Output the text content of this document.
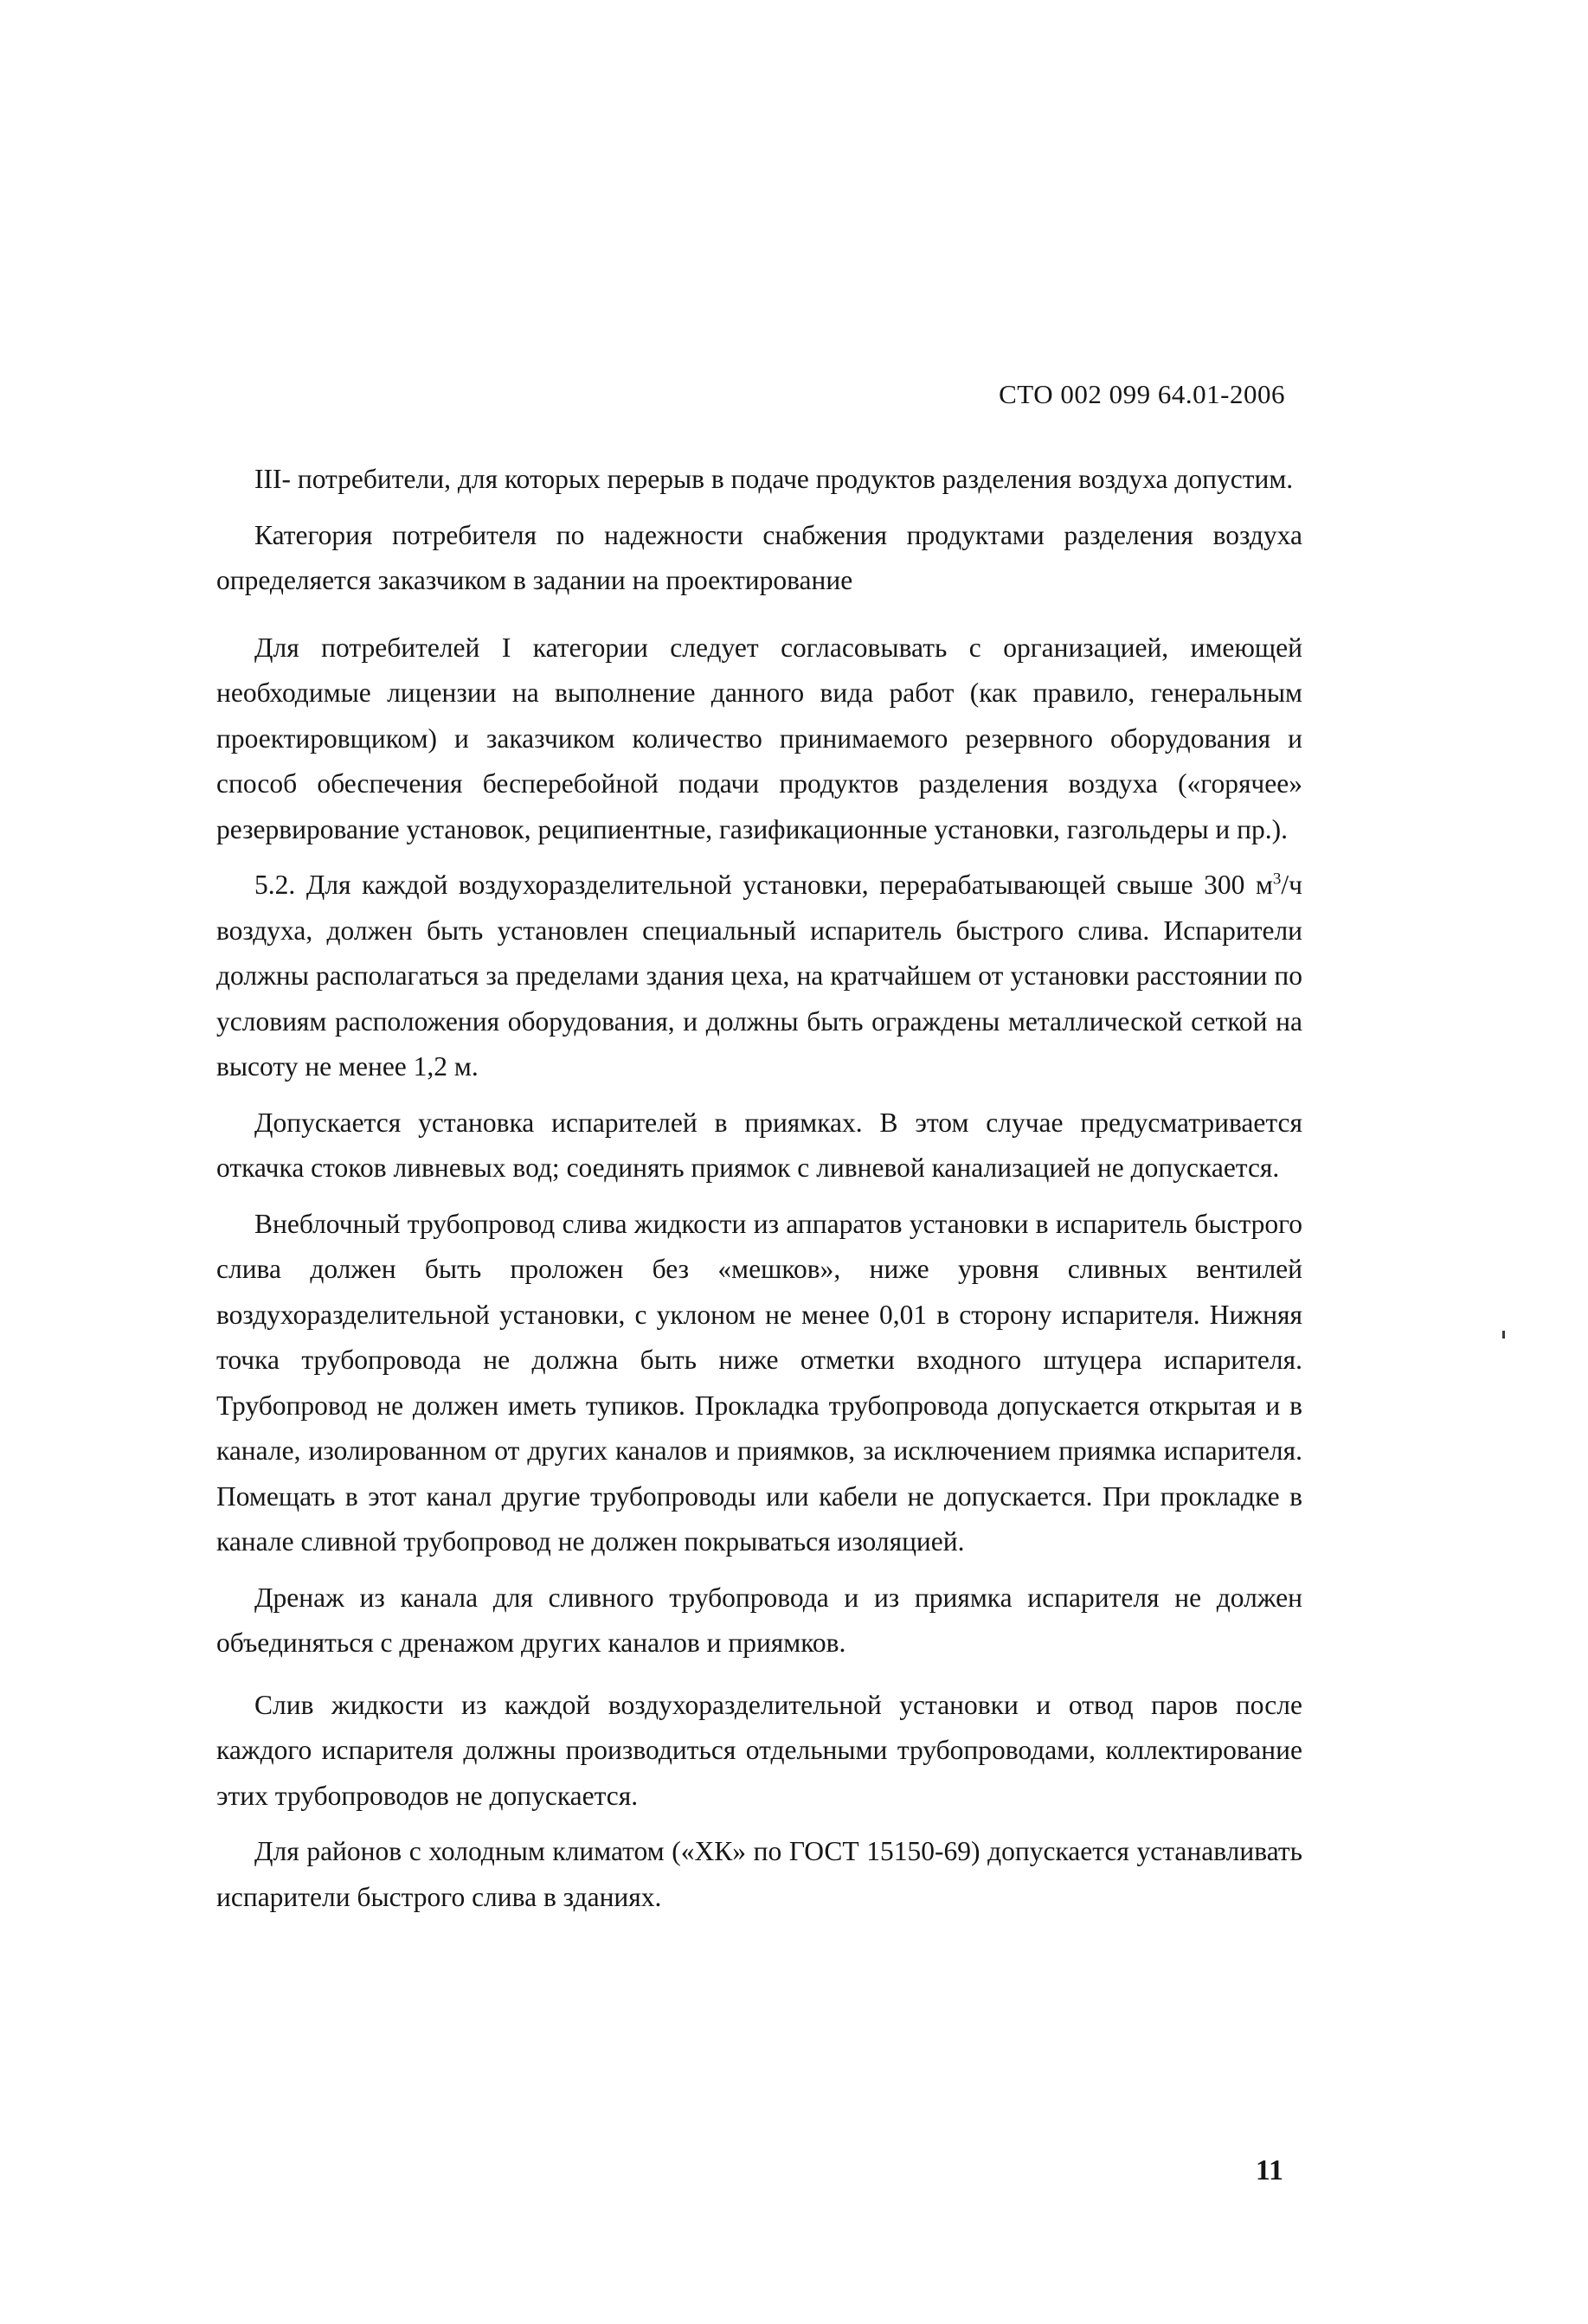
СТО 002 099 64.01-2006

III- потребители, для которых перерыв в подаче продуктов разделения воздуха допустим.

Категория потребителя по надежности снабжения продуктами разделения воздуха определяется заказчиком в задании на проектирование

Для потребителей I категории следует согласовывать с организацией, имеющей необходимые лицензии на выполнение данного вида работ (как правило, генеральным проектировщиком) и заказчиком количество принимаемого резервного оборудования и способ обеспечения бесперебойной подачи продуктов разделения воздуха («горячее» резервирование установок, реципиентные, газификационные установки, газгольдеры и пр.).

5.2. Для каждой воздухоразделительной установки, перерабатывающей свыше 300 $м^3/ч$ воздуха, должен быть установлен специальный испаритель быстрого слива. Испарители должны располагаться за пределами здания цеха, на кратчайшем от установки расстоянии по условиям расположения оборудования, и должны быть ограждены металлической сеткой на высоту не менее 1,2 м.

Допускается установка испарителей в приямках. В этом случае предусматривается откачка стоков ливневых вод; соединять приямок с ливневой канализацией не допускается.

Внеблочный трубопровод слива жидкости из аппаратов установки в испаритель быстрого слива должен быть проложен без «мешков», ниже уровня сливных вентилей воздухоразделительной установки, с уклоном не менее 0,01 в сторону испарителя. Нижняя точка трубопровода не должна быть ниже отметки входного штуцера испарителя. Трубопровод не должен иметь тупиков. Прокладка трубопровода допускается открытая и в канале, изолированном от других каналов и приямков, за исключением приямка испарителя. Помещать в этот канал другие трубопроводы или кабели не допускается. При прокладке в канале сливной трубопровод не должен покрываться изоляцией.

Дренаж из канала для сливного трубопровода и из приямка испарителя не должен объединяться с дренажом других каналов и приямков.

Слив жидкости из каждой воздухоразделительной установки и отвод паров после каждого испарителя должны производиться отдельными трубопроводами, коллектирование этих трубопроводов не допускается.

Для районов с холодным климатом («ХК» по ГОСТ 15150-69) допускается устанавливать испарители быстрого слива в зданиях.

11
